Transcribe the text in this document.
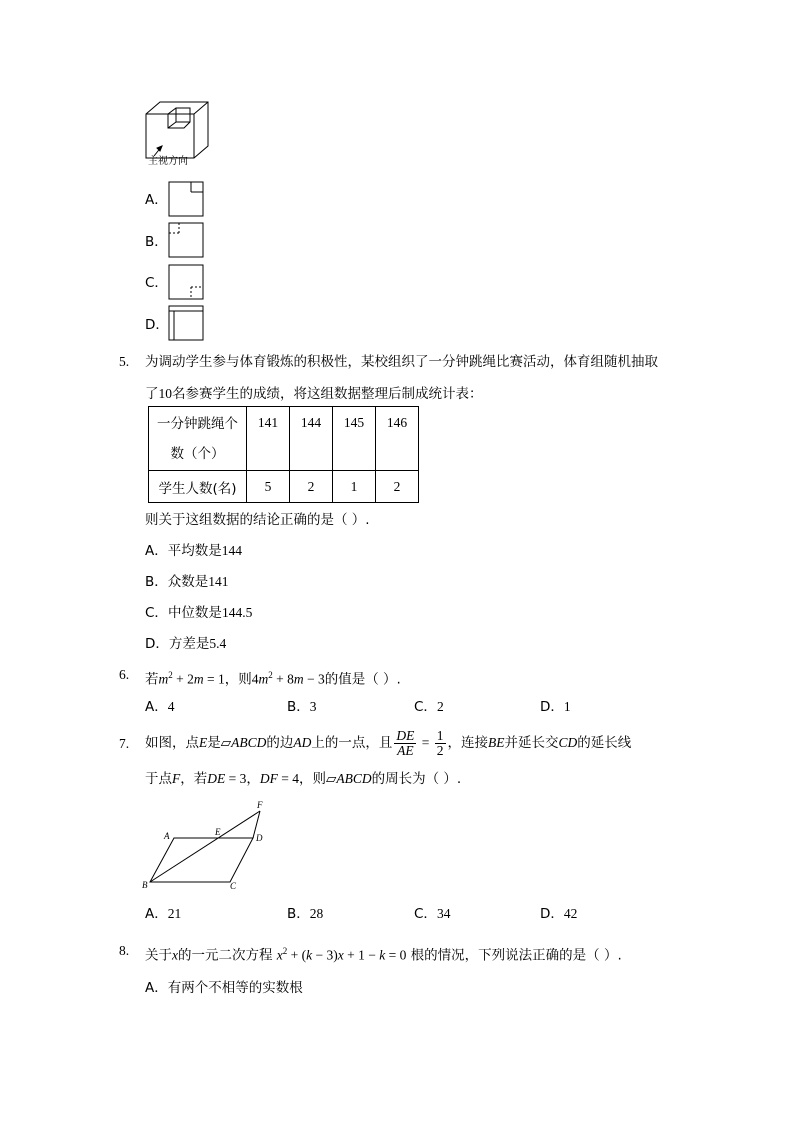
主视方向
A．
B．
C．
D．
5. 为调动学生参与体育锻炼的积极性，某校组织了一分钟跳绳比赛活动，体育组随机抽取
了10名参赛学生的成绩，将这组数据整理后制成统计表：
一分钟跳绳个
数（个）	141	144	145	146
学生人数(名)	5	2	1	2
则关于这组数据的结论正确的是（ ）.
A．平均数是144
B．众数是141
C．中位数是144.5
D．方差是5.4
6. 若$m^2 + 2m = 1$，则$4m^2 + 8m - 3$的值是（ ）.
A．4	B．3	C．2	D．1
7. 如图，点E是▱ABCD的边AD上的一点，且 $\frac{DE}{AE} = \frac{1}{2}$ ，连接BE并延长交CD的延长线
于点F，若DE = 3，DF = 4，则▱ABCD的周长为（ ）.
A	E
D
F
B	C
A．21	B．28	C．34	D．42
8. 关于x的一元二次方程 $x^2 + (k - 3)x + 1 - k = 0$ 根的情况，下列说法正确的是（ ）.
A．有两个不相等的实数根
